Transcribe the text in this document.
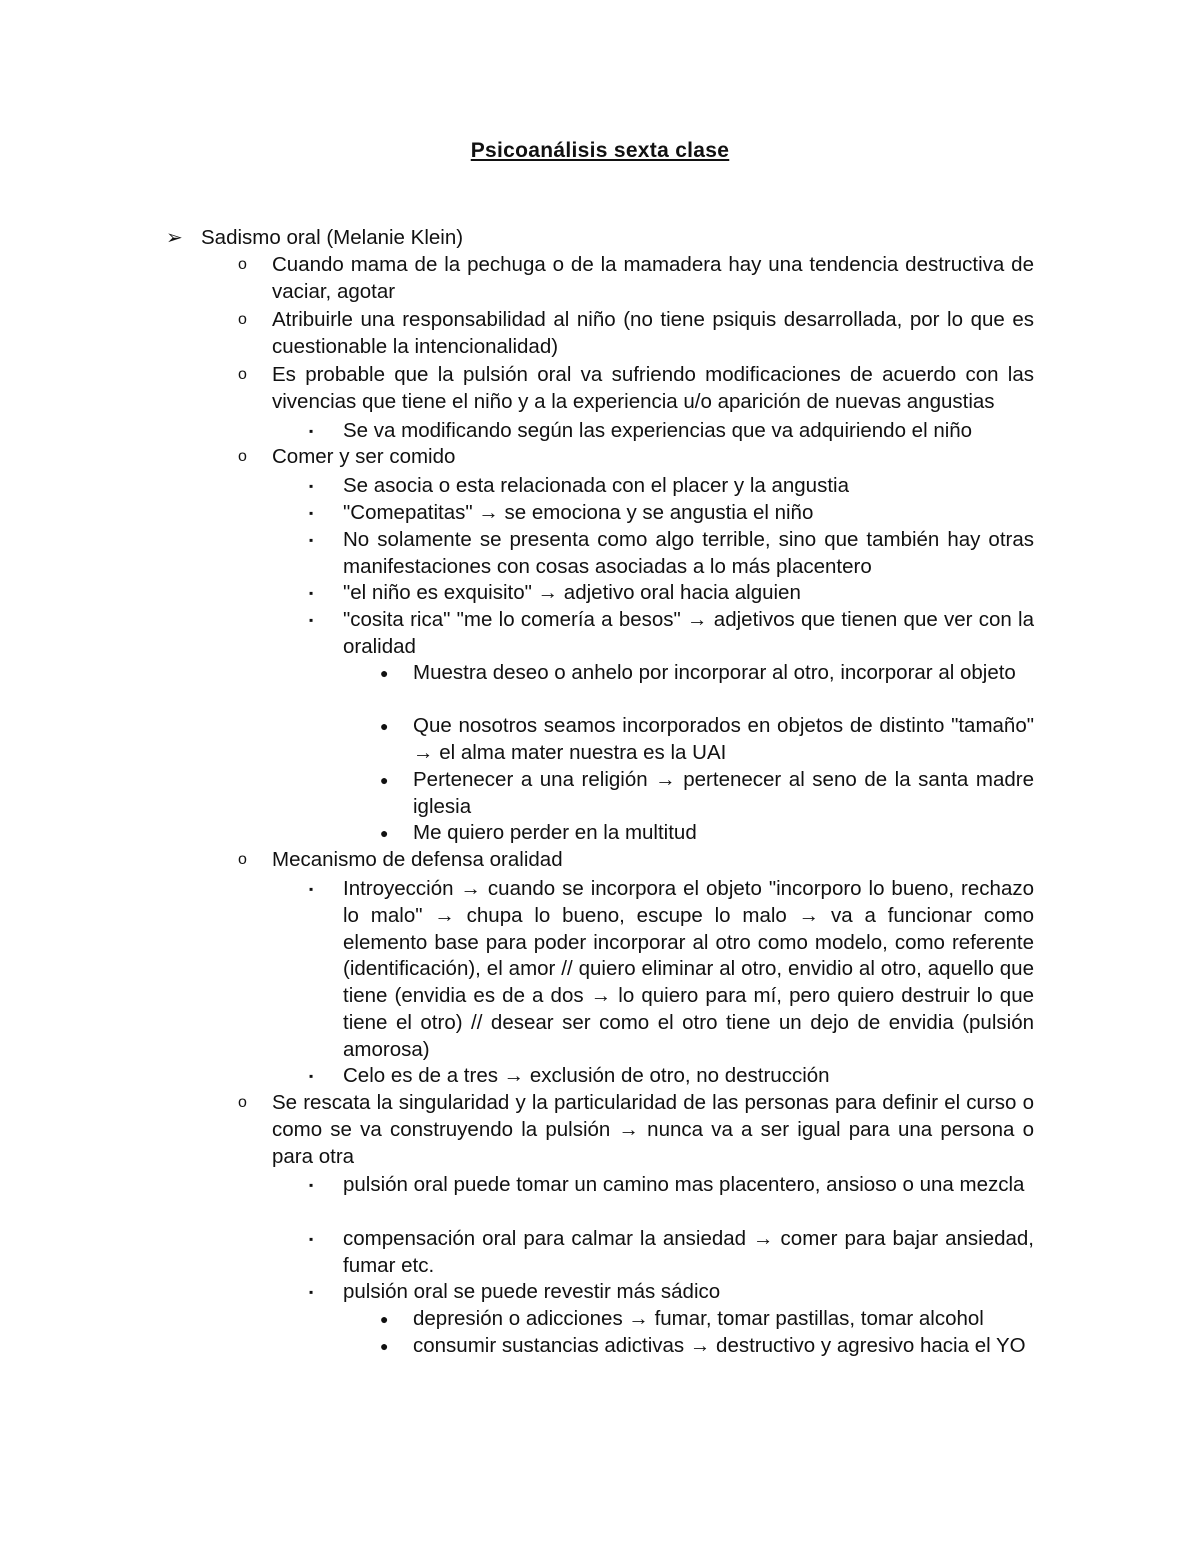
Psicoanálisis sexta clase
➢ Sadismo oral (Melanie Klein)
o Cuando mama de la pechuga o de la mamadera hay una tendencia destructiva de vaciar, agotar
o Atribuirle una responsabilidad al niño (no tiene psiquis desarrollada, por lo que es cuestionable la intencionalidad)
o Es probable que la pulsión oral va sufriendo modificaciones de acuerdo con las vivencias que tiene el niño y a la experiencia u/o aparición de nuevas angustias
▪ Se va modificando según las experiencias que va adquiriendo el niño
o Comer y ser comido
▪ Se asocia o esta relacionada con el placer y la angustia
▪ "Comepatitas" → se emociona y se angustia el niño
▪ No solamente se presenta como algo terrible, sino que también hay otras manifestaciones con cosas asociadas a lo más placentero
▪ "el niño es exquisito" → adjetivo oral hacia alguien
▪ "cosita rica" "me lo comería a besos" → adjetivos que tienen que ver con la oralidad
● Muestra deseo o anhelo por incorporar al otro, incorporar al objeto
● Que nosotros seamos incorporados en objetos de distinto "tamaño" → el alma mater nuestra es la UAI
● Pertenecer a una religión → pertenecer al seno de la santa madre iglesia
● Me quiero perder en la multitud
o Mecanismo de defensa oralidad
▪ Introyección → cuando se incorpora el objeto "incorporo lo bueno, rechazo lo malo" → chupa lo bueno, escupe lo malo → va a funcionar como elemento base para poder incorporar al otro como modelo, como referente (identificación), el amor // quiero eliminar al otro, envidio al otro, aquello que tiene (envidia es de a dos → lo quiero para mí, pero quiero destruir lo que tiene el otro) // desear ser como el otro tiene un dejo de envidia (pulsión amorosa)
▪ Celo es de a tres → exclusión de otro, no destrucción
o Se rescata la singularidad y la particularidad de las personas para definir el curso o como se va construyendo la pulsión → nunca va a ser igual para una persona o para otra
▪ pulsión oral puede tomar un camino mas placentero, ansioso o una mezcla
▪ compensación oral para calmar la ansiedad → comer para bajar ansiedad, fumar etc.
▪ pulsión oral se puede revestir más sádico
● depresión o adicciones → fumar, tomar pastillas, tomar alcohol
● consumir sustancias adictivas → destructivo y agresivo hacia el YO
